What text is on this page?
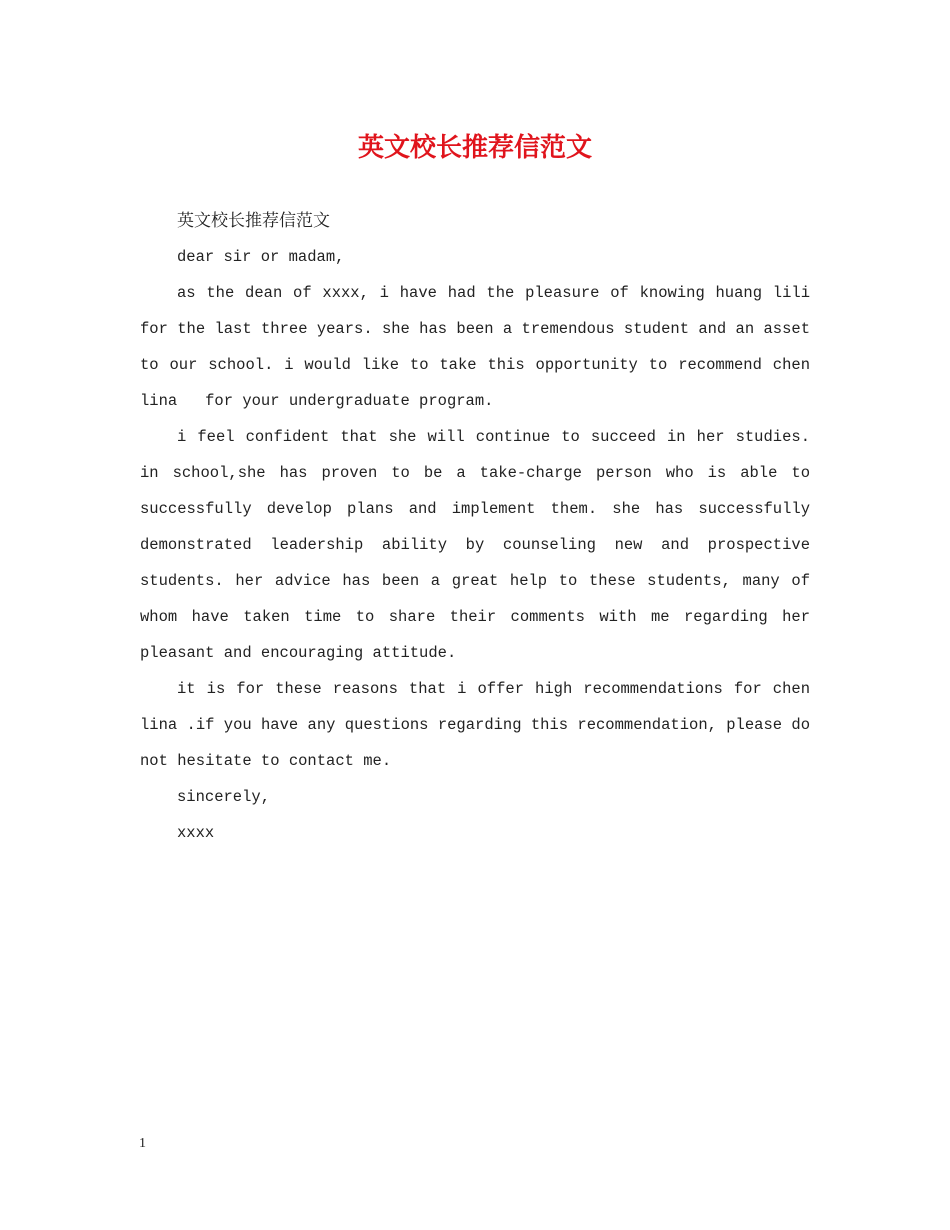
英文校长推荐信范文

英文校长推荐信范文

dear sir or madam,

as the dean of xxxx, i have had the pleasure of knowing huang lili

for the last three years. she has been a tremendous student and an asset

to our school. i would like to take this opportunity to recommend chen

lina   for your undergraduate program.

i feel confident that she will continue to succeed in her studies.

in school,she has proven to be a take-charge person who is able to

successfully develop plans and implement them. she has successfully

demonstrated leadership ability by counseling new and prospective

students. her advice has been a great help to these students, many of

whom have taken time to share their comments with me regarding her

pleasant and encouraging attitude.

it is for these reasons that i offer high recommendations for chen

lina .if you have any questions regarding this recommendation, please do

not hesitate to contact me.

sincerely,

xxxx

1
